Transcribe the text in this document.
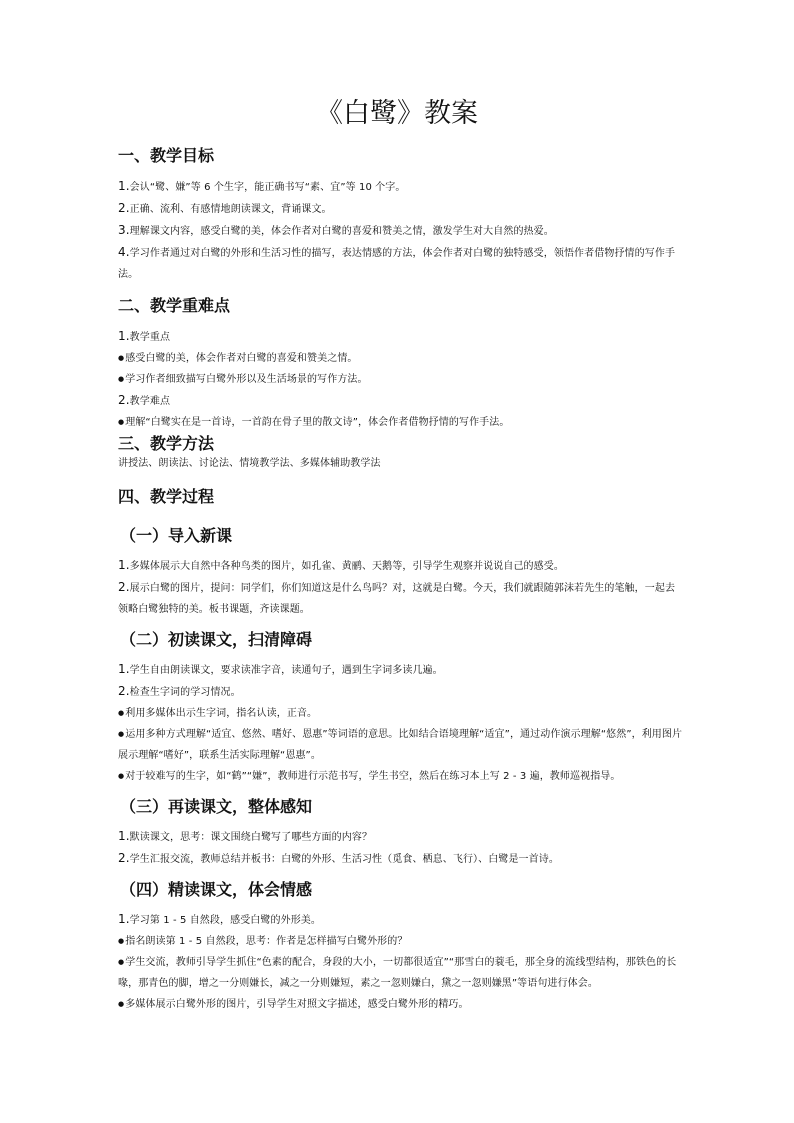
《白鹭》教案
一、教学目标
1.会认“鹭、嫌”等 6 个生字，能正确书写“素、宜”等 10 个字。
2.正确、流利、有感情地朗读课文，背诵课文。
3.理解课文内容，感受白鹭的美，体会作者对白鹭的喜爱和赞美之情，激发学生对大自然的热爱。
4.学习作者通过对白鹭的外形和生活习性的描写，表达情感的方法，体会作者对白鹭的独特感受，领悟作者借物抒情的写作手法。
二、教学重难点
1.教学重点
● 感受白鹭的美，体会作者对白鹭的喜爱和赞美之情。
● 学习作者细致描写白鹭外形以及生活场景的写作方法。
2.教学难点
● 理解“白鹭实在是一首诗，一首韵在骨子里的散文诗”，体会作者借物抒情的写作手法。
三、教学方法
讲授法、朗读法、讨论法、情境教学法、多媒体辅助教学法
四、教学过程
（一）导入新课
1.多媒体展示大自然中各种鸟类的图片，如孔雀、黄鹂、天鹅等，引导学生观察并说说自己的感受。
2.展示白鹭的图片，提问：同学们，你们知道这是什么鸟吗？对，这就是白鹭。今天，我们就跟随郭沫若先生的笔触，一起去领略白鹭独特的美。板书课题，齐读课题。
（二）初读课文，扫清障碍
1.学生自由朗读课文，要求读准字音，读通句子，遇到生字词多读几遍。
2.检查生字词的学习情况。
● 利用多媒体出示生字词，指名认读，正音。
● 运用多种方式理解“适宜、悠然、嗜好、恩惠”等词语的意思。比如结合语境理解“适宜”，通过动作演示理解“悠然”，利用图片展示理解“嗜好”，联系生活实际理解“恩惠”。
● 对于较难写的生字，如“鹤”“嫌”，教师进行示范书写，学生书空，然后在练习本上写 2 - 3 遍，教师巡视指导。
（三）再读课文，整体感知
1.默读课文，思考：课文围绕白鹭写了哪些方面的内容？
2.学生汇报交流，教师总结并板书：白鹭的外形、生活习性（觅食、栖息、飞行）、白鹭是一首诗。
（四）精读课文，体会情感
1.学习第 1 - 5 自然段，感受白鹭的外形美。
● 指名朗读第 1 - 5 自然段，思考：作者是怎样描写白鹭外形的？
● 学生交流，教师引导学生抓住“色素的配合，身段的大小，一切都很适宜”“那雪白的蓑毛，那全身的流线型结构，那铁色的长喙，那青色的脚，增之一分则嫌长，减之一分则嫌短，素之一忽则嫌白，黛之一忽则嫌黑”等语句进行体会。
● 多媒体展示白鹭外形的图片，引导学生对照文字描述，感受白鹭外形的精巧。
